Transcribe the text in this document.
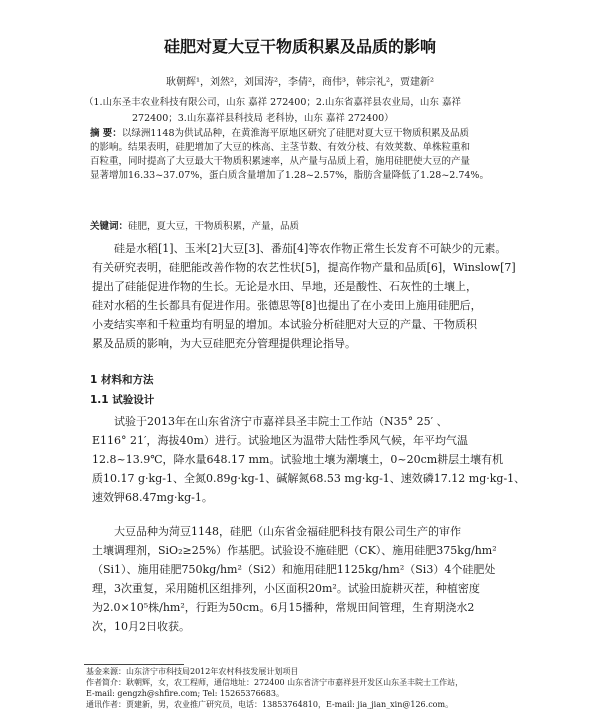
硅肥对夏大豆干物质积累及品质的影响
耿朝辉¹，刘然²，刘国涛²，李倩²，商伟³，韩宗礼²，贾建新²
（1.山东圣丰农业科技有限公司，山东 嘉祥 272400；2.山东省嘉祥县农业局，山东 嘉祥
272400；3.山东嘉祥县科技局 老科协，山东 嘉祥 272400）
摘 要：以绿洲1148为供试品种，在黄淮海平原地区研究了硅肥对夏大豆干物质积累及品质
的影响。结果表明，硅肥增加了大豆的株高、主茎节数、有效分枝、有效荚数、单株粒重和
百粒重，同时提高了大豆最大干物质积累速率，从产量与品质上看，施用硅肥使大豆的产量
显著增加16.33~37.07%，蛋白质含量增加了1.28~2.57%，脂肪含量降低了1.28~2.74%。
关键词：硅肥，夏大豆，干物质积累，产量，品质
　　硅是水稻[1]、玉米[2]大豆[3]、番茄[4]等农作物正常生长发育不可缺少的元素。
有关研究表明，硅肥能改善作物的农艺性状[5]，提高作物产量和品质[6]，Winslow[7]
提出了硅能促进作物的生长。无论是水田、旱地，还是酸性、石灰性的土壤上，
硅对水稻的生长都具有促进作用。张德思等[8]也提出了在小麦田上施用硅肥后，
小麦结实率和千粒重均有明显的增加。本试验分析硅肥对大豆的产量、干物质积
累及品质的影响，为大豆硅肥充分管理提供理论指导。
1 材料和方法
1.1 试验设计
　　试验于2013年在山东省济宁市嘉祥县圣丰院士工作站（N35° 25′ 、
E116° 21′，海拔40m）进行。试验地区为温带大陆性季风气候，年平均气温
12.8~13.9℃，降水量648.17 mm。试验地土壤为潮壤土，0~20cm耕层土壤有机
质10.17 g·kg-1、全氮0.89g·kg-1、碱解氮68.53 mg·kg-1、速效磷17.12 mg·kg-1、
速效钾68.47mg·kg-1。
　　大豆品种为菏豆1148，硅肥（山东省金福硅肥科技有限公司生产的审作
土壤调理剂，SiO₂≥25%）作基肥。试验设不施硅肥（CK）、施用硅肥375kg/hm²
（Si1）、施用硅肥750kg/hm²（Si2）和施用硅肥1125kg/hm²（Si3）4个硅肥处
理，3次重复，采用随机区组排列，小区面积20m²。试验田旋耕灭茬，种植密度
为2.0×10⁵株/hm²，行距为50cm。6月15播种，常规田间管理，生育期浇水2
次，10月2日收获。
基金来源：山东济宁市科技局2012年农村科技发展计划项目
作者简介：耿朝辉，女，农工程师，通信地址：272400 山东省济宁市嘉祥县开发区山东圣丰院士工作站，
E-mail: gengzh@shfire.com; Tel: 15265376683。
通讯作者：贾建新，男，农业推广研究员，电话：13853764810，E-mail: jia_jian_xin@126.com。
